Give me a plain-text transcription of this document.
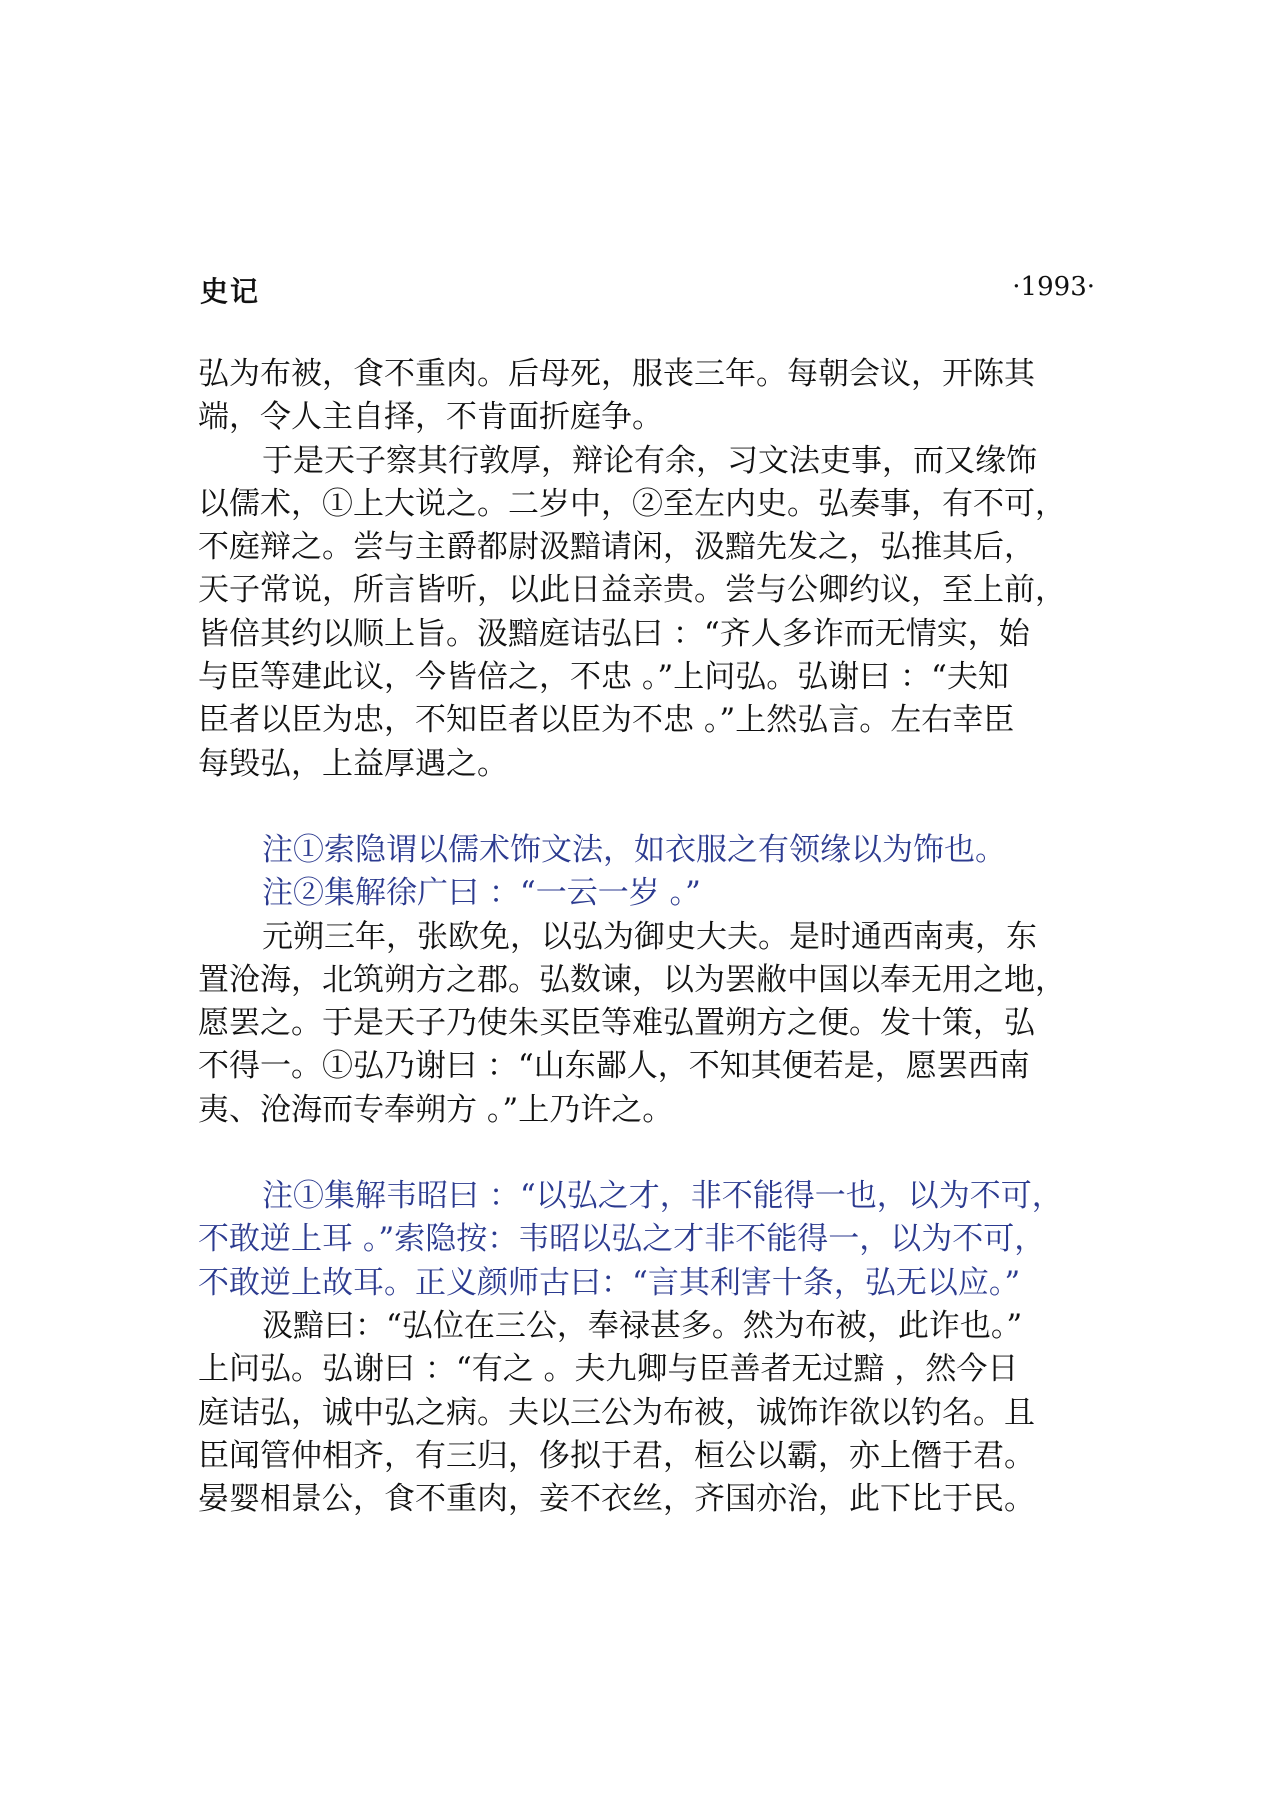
史记	·1993·
弘为布被，食不重肉。后母死，服丧三年。每朝会议，开陈其
端，令人主自择，不肯面折庭争。
于是天子察其行敦厚，辩论有余，习文法吏事，而又缘饰
以儒术，①上大说之。二岁中，②至左内史。弘奏事，有不可，
不庭辩之。尝与主爵都尉汲黯请闲，汲黯先发之，弘推其后，
天子常说，所言皆听，以此日益亲贵。尝与公卿约议，至上前，
皆倍其约以顺上旨。汲黯庭诘弘曰 ：“齐人多诈而无情实，始
与臣等建此议，今皆倍之，不忠 。”上问弘。弘谢曰 ：“夫知
臣者以臣为忠，不知臣者以臣为不忠 。”上然弘言。左右幸臣
每毁弘，上益厚遇之。
注①索隐谓以儒术饰文法，如衣服之有领缘以为饰也。
注②集解徐广曰 ：“一云一岁 。”
元朔三年，张欧免，以弘为御史大夫。是时通西南夷，东
置沧海，北筑朔方之郡。弘数谏，以为罢敝中国以奉无用之地，
愿罢之。于是天子乃使朱买臣等难弘置朔方之便。发十策，弘
不得一。①弘乃谢曰 ：“山东鄙人，不知其便若是，愿罢西南
夷、沧海而专奉朔方 。”上乃许之。
注①集解韦昭曰 ：“以弘之才，非不能得一也，以为不可，
不敢逆上耳 。”索隐按：韦昭以弘之才非不能得一，以为不可，
不敢逆上故耳。正义颜师古曰：“言其利害十条，弘无以应。”
汲黯曰：“弘位在三公，奉禄甚多。然为布被，此诈也。”
上问弘。弘谢曰 ：“有之 。夫九卿与臣善者无过黯 ，然今日
庭诘弘，诚中弘之病。夫以三公为布被，诚饰诈欲以钓名。且
臣闻管仲相齐，有三归，侈拟于君，桓公以霸，亦上僭于君。
晏婴相景公，食不重肉，妾不衣丝，齐国亦治，此下比于民。
